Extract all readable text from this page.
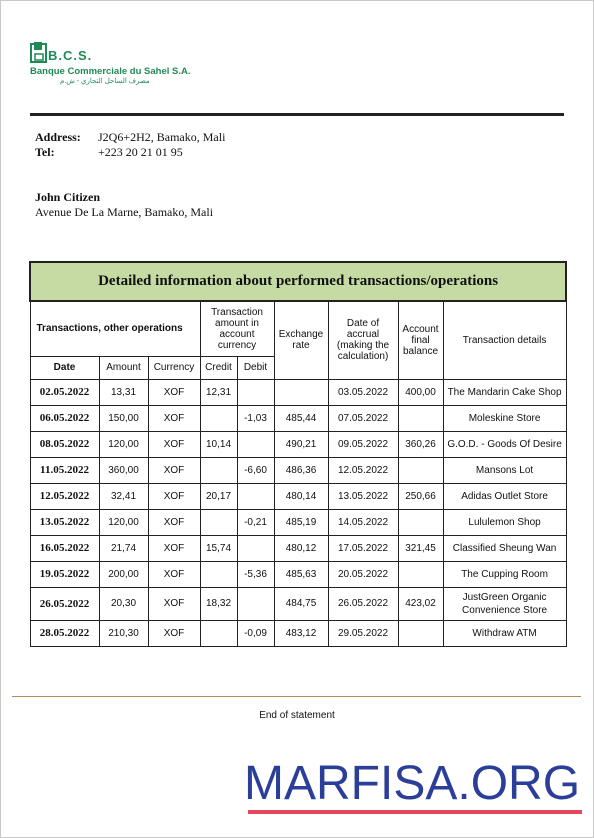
B.C.S.
Banque Commerciale du Sahel S.A.
مصرف الساحل التجاري - ش.م
Address:	J2Q6+2H2, Bamako, Mali
Tel:	+223 20 21 01 95
John Citizen
Avenue De La Marne, Bamako, Mali
Detailed information about performed transactions/operations								
Transactions, other operations			Transaction amount in account currency		Exchange rate	Date of accrual (making the calculation)	Account final balance	Transaction details
Date	Amount	Currency	Credit	Debit				
02.05.2022	13,31	XOF	12,31			03.05.2022	400,00	The Mandarin Cake Shop
06.05.2022	150,00	XOF		-1,03	485,44	07.05.2022		Moleskine Store
08.05.2022	120,00	XOF	10,14		490,21	09.05.2022	360,26	G.O.D. - Goods Of Desire
11.05.2022	360,00	XOF		-6,60	486,36	12.05.2022		Mansons Lot
12.05.2022	32,41	XOF	20,17		480,14	13.05.2022	250,66	Adidas Outlet Store
13.05.2022	120,00	XOF		-0,21	485,19	14.05.2022		Lululemon Shop
16.05.2022	21,74	XOF	15,74		480,12	17.05.2022	321,45	Classified Sheung Wan
19.05.2022	200,00	XOF		-5,36	485,63	20.05.2022		The Cupping Room
26.05.2022	20,30	XOF	18,32		484,75	26.05.2022	423,02	JustGreen Organic Convenience Store
28.05.2022	210,30	XOF		-0,09	483,12	29.05.2022		Withdraw ATM
End of statement
MARFISA.ORG
